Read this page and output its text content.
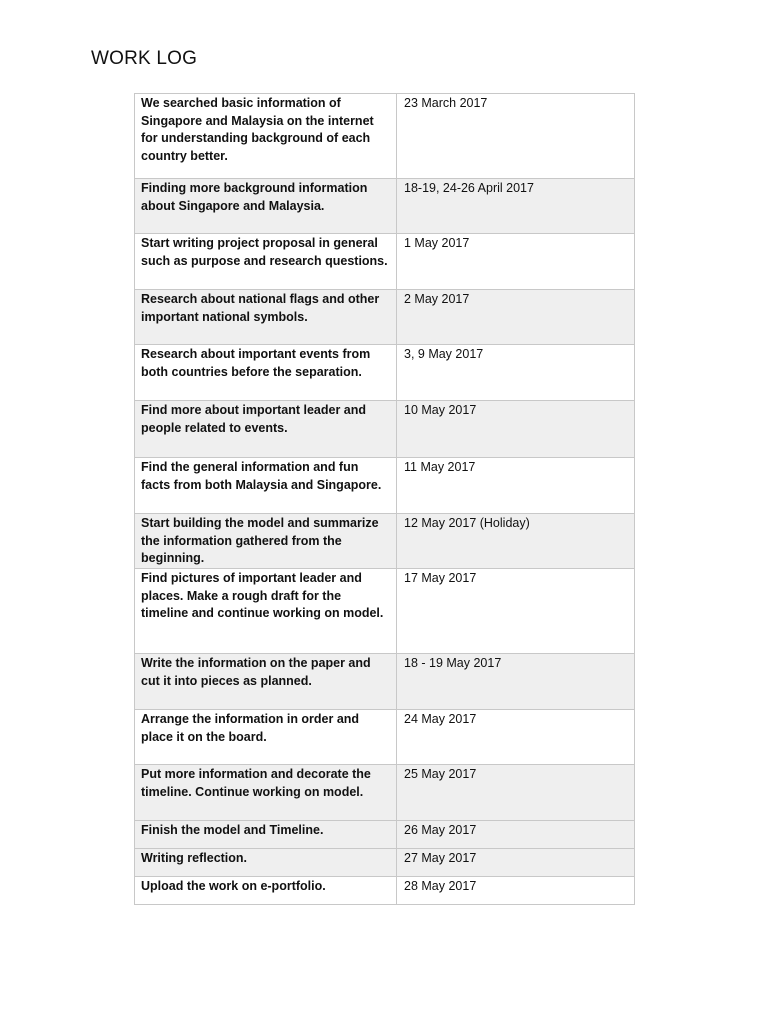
WORK LOG
We searched basic information of Singapore and Malaysia on the internet for understanding background of each country better.	23 March 2017
Finding more background information about Singapore and Malaysia.	18-19, 24-26 April 2017
Start writing project proposal in general such as purpose and research questions.	1 May 2017
Research about national flags and other important national symbols.	2 May 2017
Research about important events from both countries before the separation.	3, 9 May 2017
Find more about important leader and people related to events.	10 May 2017
Find the general information and fun facts from both Malaysia and Singapore.	11 May 2017
Start building the model and summarize the information gathered from the beginning.	12 May 2017 (Holiday)
Find pictures of important leader and places. Make a rough draft for the timeline and continue working on model.	17 May 2017
Write the information on the paper and cut it into pieces as planned.	18 - 19 May 2017
Arrange the information in order and place it on the board.	24 May 2017
Put more information and decorate the timeline. Continue working on model.	25 May 2017
Finish the model and Timeline.	26 May 2017
Writing reflection.	27 May 2017
Upload the work on e-portfolio.	28 May 2017
